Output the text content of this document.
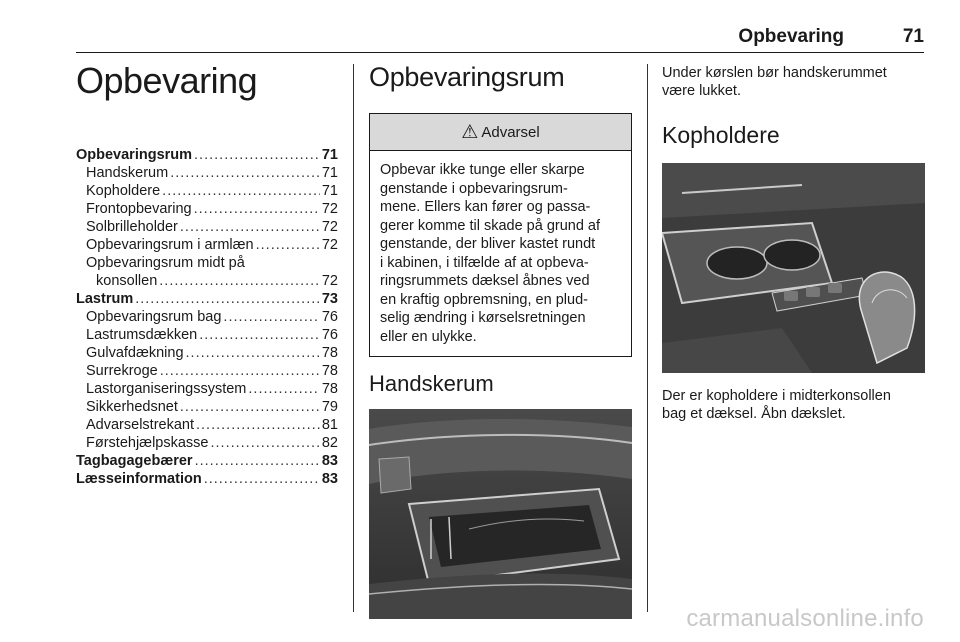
Opbevaring	71
Opbevaring
Opbevaringsrum .....	71
Handskerum .....	71
Kopholdere .....	71
Frontopbevaring .....	72
Solbrilleholder .....	72
Opbevaringsrum i armlæn .....	72
Opbevaringsrum midt på
konsollen .....	72
Lastrum .....	73
Opbevaringsrum bag .....	76
Lastrumsdækken .....	76
Gulvafdækning .....	78
Surrekroge .....	78
Lastorganiseringssystem .....	78
Sikkerhedsnet .....	79
Advarselstrekant .....	81
Førstehjælpskasse .....	82
Tagbagagebærer .....	83
Læsseinformation .....	83
Opbevaringsrum
⚠ Advarsel
Opbevar ikke tunge eller skarpe
genstande i opbevaringsrum-
mene. Ellers kan fører og passa-
gerer komme til skade på grund af
genstande, der bliver kastet rundt
i kabinen, i tilfælde af at opbeva-
ringsrummets dæksel åbnes ved
en kraftig opbremsning, en plud-
selig ændring i kørselsretningen
eller en ulykke.
Handskerum
Under kørslen bør handskerummet
være lukket.
Kopholdere
Der er kopholdere i midterkonsollen
bag et dæksel. Åbn dækslet.
carmanualsonline.info
